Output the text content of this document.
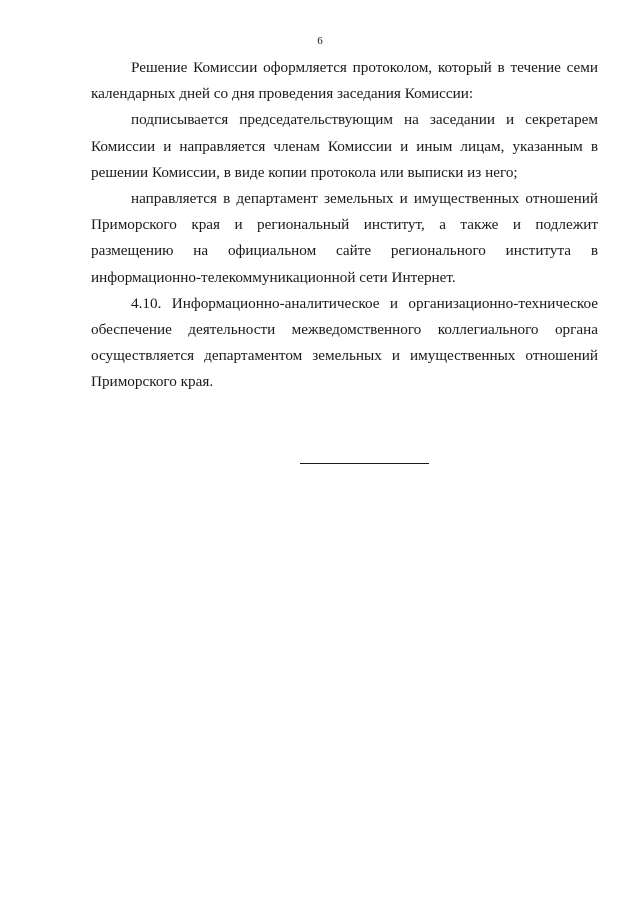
6

Решение Комиссии оформляется протоколом, который в течение семи календарных дней со дня проведения заседания Комиссии:

подписывается председательствующим на заседании и секретарем Комиссии и направляется членам Комиссии и иным лицам, указанным в решении Комиссии, в виде копии протокола или выписки из него;

направляется в департамент земельных и имущественных отношений Приморского края и региональный институт, а также и подлежит размещению на официальном сайте регионального института в информационно-телекоммуникационной сети Интернет.

4.10. Информационно-аналитическое и организационно-техническое обеспечение деятельности межведомственного коллегиального органа осуществляется департаментом земельных и имущественных отношений Приморского края.
